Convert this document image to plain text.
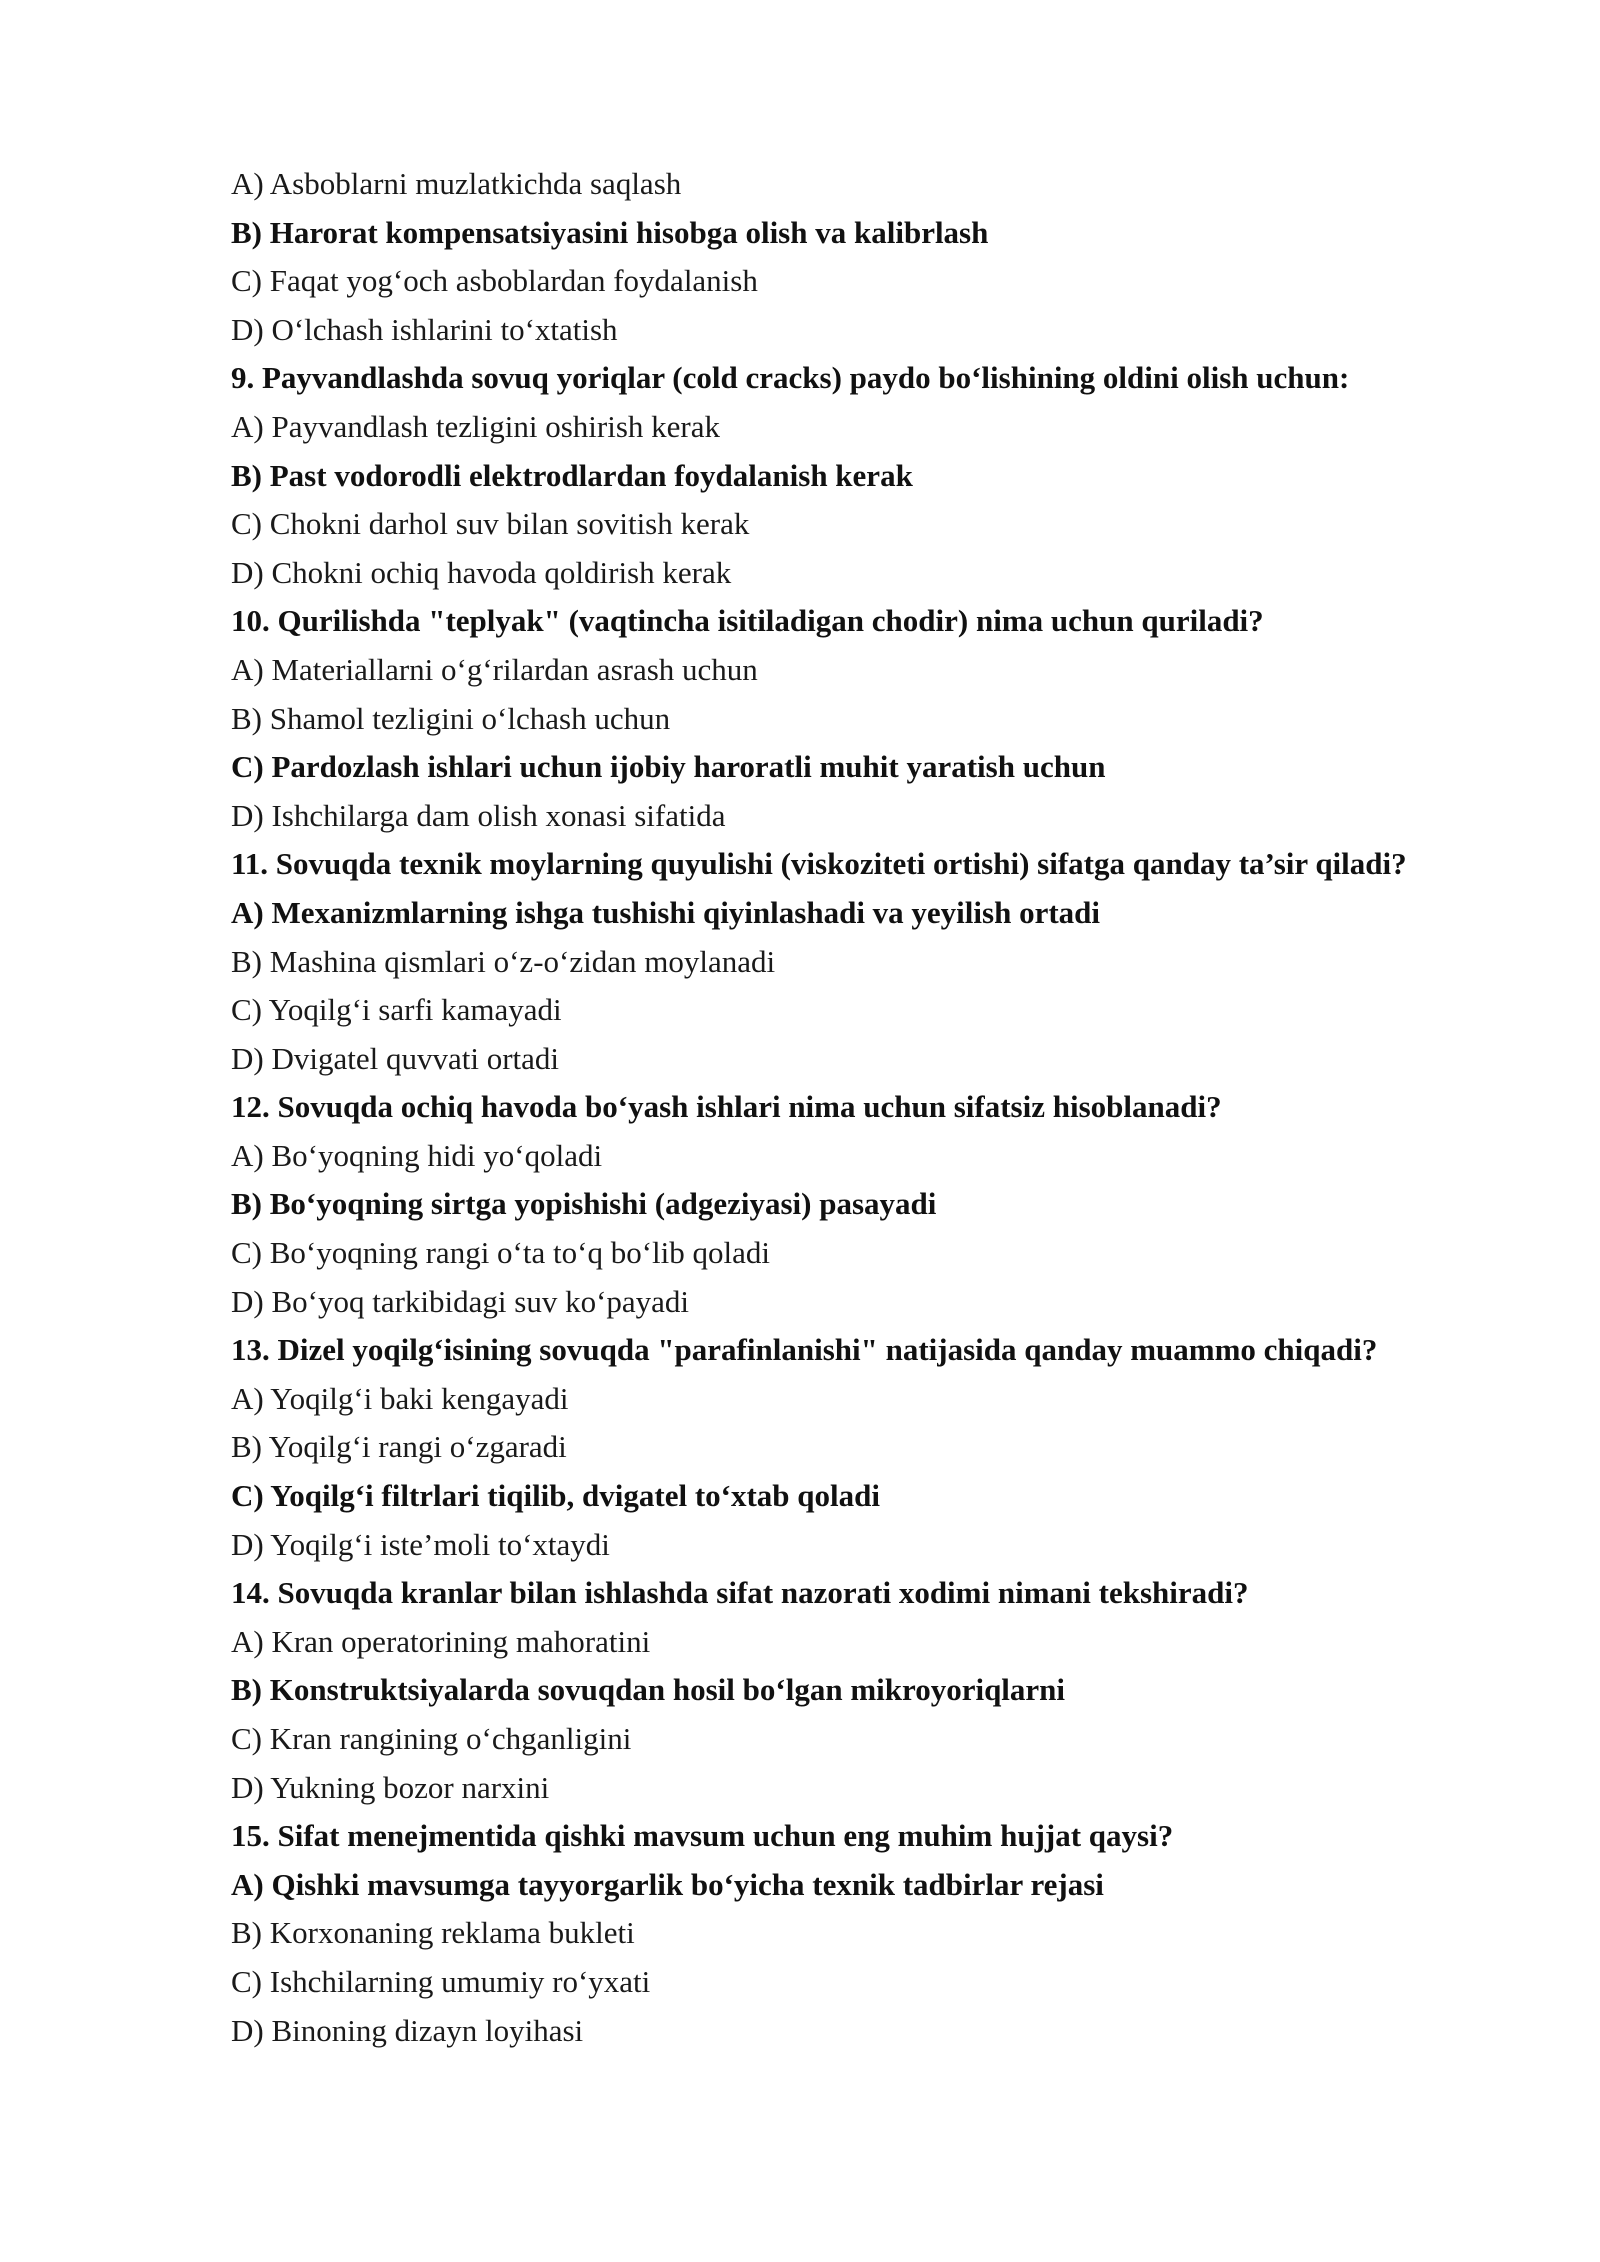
A) Asboblarni muzlatkichda saqlash
B) Harorat kompensatsiyasini hisobga olish va kalibrlash
C) Faqat yog‘och asboblardan foydalanish
D) O‘lchash ishlarini to‘xtatish
9. Payvandlashda sovuq yoriqlar (cold cracks) paydo bo‘lishining oldini olish uchun:
A) Payvandlash tezligini oshirish kerak
B) Past vodorodli elektrodlardan foydalanish kerak
C) Chokni darhol suv bilan sovitish kerak
D) Chokni ochiq havoda qoldirish kerak
10. Qurilishda "teplyak" (vaqtincha isitiladigan chodir) nima uchun quriladi?
A) Materiallarni o‘g‘rilardan asrash uchun
B) Shamol tezligini o‘lchash uchun
C) Pardozlash ishlari uchun ijobiy haroratli muhit yaratish uchun
D) Ishchilarga dam olish xonasi sifatida
11. Sovuqda texnik moylarning quyulishi (viskoziteti ortishi) sifatga qanday ta’sir qiladi?
A) Mexanizmlarning ishga tushishi qiyinlashadi va yeyilish ortadi
B) Mashina qismlari o‘z-o‘zidan moylanadi
C) Yoqilg‘i sarfi kamayadi
D) Dvigatel quvvati ortadi
12. Sovuqda ochiq havoda bo‘yash ishlari nima uchun sifatsiz hisoblanadi?
A) Bo‘yoqning hidi yo‘qoladi
B) Bo‘yoqning sirtga yopishishi (adgeziyasi) pasayadi
C) Bo‘yoqning rangi o‘ta to‘q bo‘lib qoladi
D) Bo‘yoq tarkibidagi suv ko‘payadi
13. Dizel yoqilg‘isining sovuqda "parafinlanishi" natijasida qanday muammo chiqadi?
A) Yoqilg‘i baki kengayadi
B) Yoqilg‘i rangi o‘zgaradi
C) Yoqilg‘i filtrlari tiqilib, dvigatel to‘xtab qoladi
D) Yoqilg‘i iste’moli to‘xtaydi
14. Sovuqda kranlar bilan ishlashda sifat nazorati xodimi nimani tekshiradi?
A) Kran operatorining mahoratini
B) Konstruktsiyalarda sovuqdan hosil bo‘lgan mikroyoriqlarni
C) Kran rangining o‘chganligini
D) Yukning bozor narxini
15. Sifat menejmentida qishki mavsum uchun eng muhim hujjat qaysi?
A) Qishki mavsumga tayyorgarlik bo‘yicha texnik tadbirlar rejasi
B) Korxonaning reklama bukleti
C) Ishchilarning umumiy ro‘yxati
D) Binoning dizayn loyihasi
